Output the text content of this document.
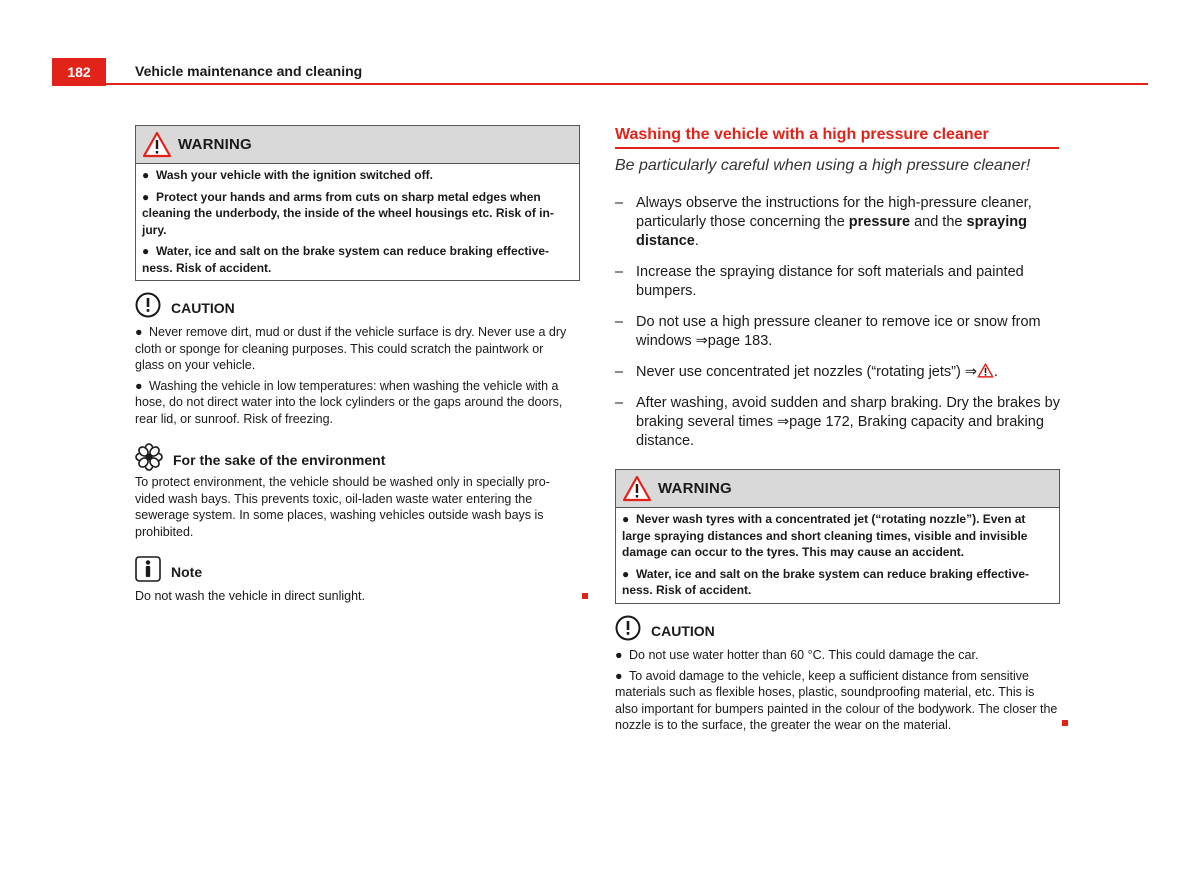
182	Vehicle maintenance and cleaning
WARNING

● Wash your vehicle with the ignition switched off.

● Protect your hands and arms from cuts on sharp metal edges when cleaning the underbody, the inside of the wheel housings etc. Risk of in-jury.

● Water, ice and salt on the brake system can reduce braking effective-ness. Risk of accident.

CAUTION

● Never remove dirt, mud or dust if the vehicle surface is dry. Never use a dry cloth or sponge for cleaning purposes. This could scratch the paintwork or glass on your vehicle.

● Washing the vehicle in low temperatures: when washing the vehicle with a hose, do not direct water into the lock cylinders or the gaps around the doors, rear lid, or sunroof. Risk of freezing.

For the sake of the environment
To protect environment, the vehicle should be washed only in specially pro-vided wash bays. This prevents toxic, oil-laden waste water entering the sewerage system. In some places, washing vehicles outside wash bays is prohibited.
Note
Do not wash the vehicle in direct sunlight.
Washing the vehicle with a high pressure cleaner
Be particularly careful when using a high pressure cleaner!
– Always observe the instructions for the high-pressure cleaner, particularly those concerning the pressure and the spraying distance.
– Increase the spraying distance for soft materials and painted bumpers.
– Do not use a high pressure cleaner to remove ice or snow from windows ⇒page 183.
– Never use concentrated jet nozzles (“rotating jets”) ⇒ .
– After washing, avoid sudden and sharp braking. Dry the brakes by braking several times ⇒page 172, Braking capacity and braking distance.
WARNING

● Never wash tyres with a concentrated jet (“rotating nozzle”). Even at large spraying distances and short cleaning times, visible and invisible damage can occur to the tyres. This may cause an accident.

● Water, ice and salt on the brake system can reduce braking effective-ness. Risk of accident.

CAUTION

● Do not use water hotter than 60 °C. This could damage the car.

● To avoid damage to the vehicle, keep a sufficient distance from sensitive materials such as flexible hoses, plastic, soundproofing material, etc. This is also important for bumpers painted in the colour of the bodywork. The closer the nozzle is to the surface, the greater the wear on the material.
